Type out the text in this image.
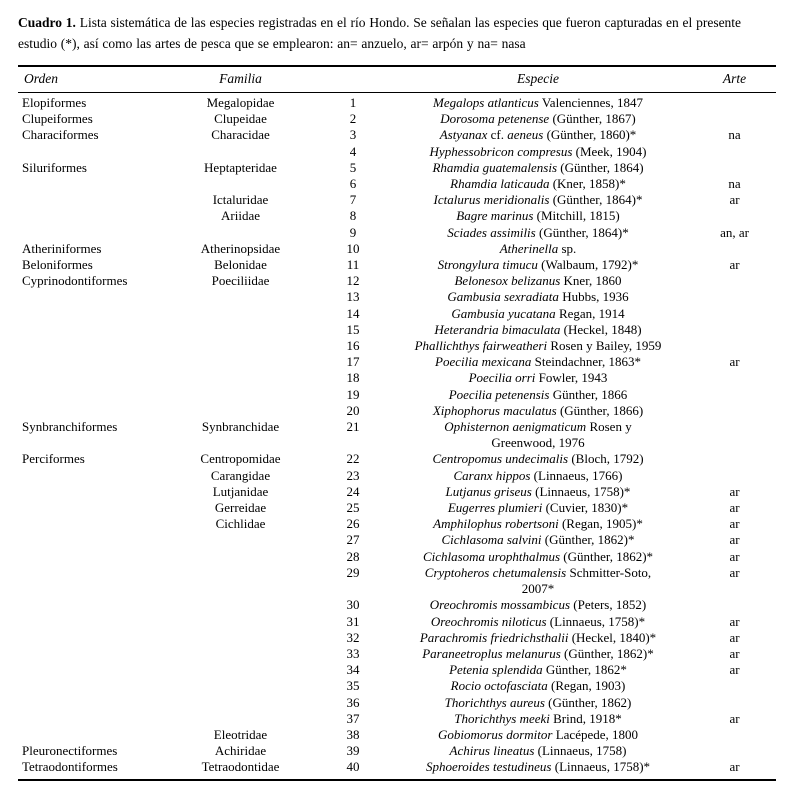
Cuadro 1. Lista sistemática de las especies registradas en el río Hondo. Se señalan las especies que fueron capturadas en el presente
estudio (*), así como las artes de pesca que se emplearon: an= anzuelo, ar= arpón y na= nasa

Orden	Familia		Especie	Arte
Elopiformes	Megalopidae	1	Megalops atlanticus Valenciennes, 1847	
Clupeiformes	Clupeidae	2	Dorosoma petenense (Günther, 1867)	
Characiformes	Characidae	3	Astyanax cf. aeneus (Günther, 1860)*	na
		4	Hyphessobricon compresus (Meek, 1904)	
Siluriformes	Heptapteridae	5	Rhamdia guatemalensis (Günther, 1864)	
		6	Rhamdia laticauda (Kner, 1858)*	na
	Ictaluridae	7	Ictalurus meridionalis (Günther, 1864)*	ar
	Ariidae	8	Bagre marinus (Mitchill, 1815)	
		9	Sciades assimilis (Günther, 1864)*	an, ar
Atheriniformes	Atherinopsidae	10	Atherinella sp.	
Beloniformes	Belonidae	11	Strongylura timucu (Walbaum, 1792)*	ar
Cyprinodontiformes	Poeciliidae	12	Belonesox belizanus Kner, 1860	
		13	Gambusia sexradiata Hubbs, 1936	
		14	Gambusia yucatana Regan, 1914	
		15	Heterandria bimaculata (Heckel, 1848)	
		16	Phallichthys fairweatheri Rosen y Bailey, 1959	
		17	Poecilia mexicana Steindachner, 1863*	ar
		18	Poecilia orri Fowler, 1943	
		19	Poecilia petenensis Günther, 1866	
		20	Xiphophorus maculatus (Günther, 1866)	
Synbranchiformes	Synbranchidae	21	Ophisternon aenigmaticum Rosen y
Greenwood, 1976	
Perciformes	Centropomidae	22	Centropomus undecimalis (Bloch, 1792)	
	Carangidae	23	Caranx hippos (Linnaeus, 1766)	
	Lutjanidae	24	Lutjanus griseus (Linnaeus, 1758)*	ar
	Gerreidae	25	Eugerres plumieri (Cuvier, 1830)*	ar
	Cichlidae	26	Amphilophus robertsoni (Regan, 1905)*	ar
		27	Cichlasoma salvini (Günther, 1862)*	ar
		28	Cichlasoma urophthalmus (Günther, 1862)*	ar
		29	Cryptoheros chetumalensis Schmitter-Soto,
2007*	ar
		30	Oreochromis mossambicus (Peters, 1852)	
		31	Oreochromis niloticus (Linnaeus, 1758)*	ar
		32	Parachromis friedrichsthalii (Heckel, 1840)*	ar
		33	Paraneetroplus melanurus (Günther, 1862)*	ar
		34	Petenia splendida Günther, 1862*	ar
		35	Rocio octofasciata (Regan, 1903)	
		36	Thorichthys aureus (Günther, 1862)	
		37	Thorichthys meeki Brind, 1918*	ar
	Eleotridae	38	Gobiomorus dormitor Lacépede, 1800	
Pleuronectiformes	Achiridae	39	Achirus lineatus (Linnaeus, 1758)	
Tetraodontiformes	Tetraodontidae	40	Sphoeroides testudineus (Linnaeus, 1758)*	ar
